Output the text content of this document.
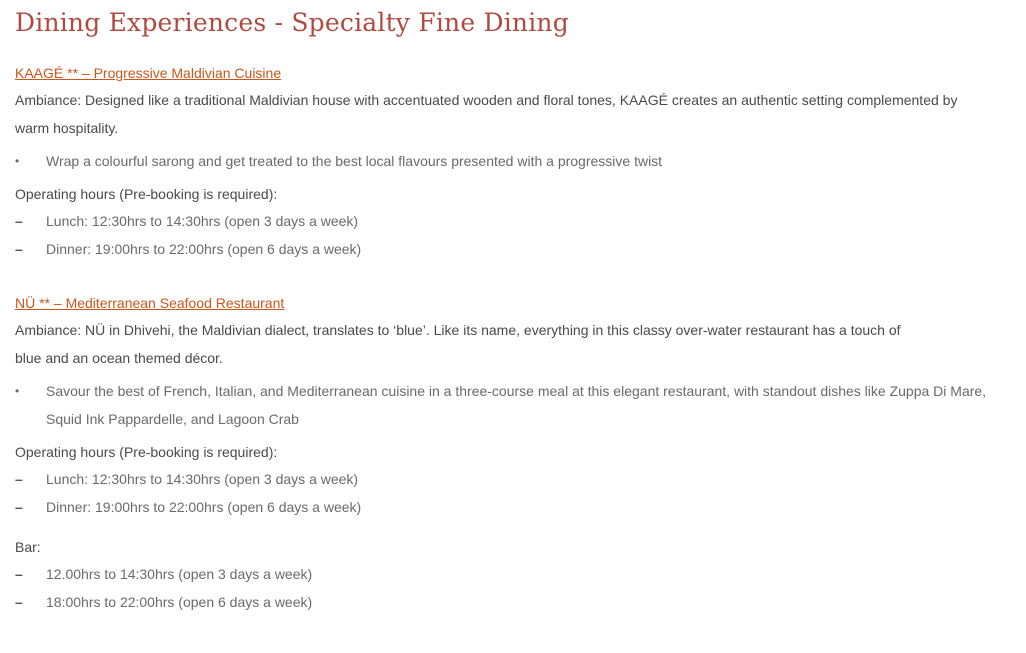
Dining Experiences - Specialty Fine Dining
KAAGÉ ** – Progressive Maldivian Cuisine

Ambiance: Designed like a traditional Maldivian house with accentuated wooden and floral tones, KAAGÉ creates an authentic setting complemented by warm hospitality.

•	Wrap a colourful sarong and get treated to the best local flavours presented with a progressive twist
Operating hours (Pre-booking is required):
– Lunch: 12:30hrs to 14:30hrs (open 3 days a week)
– Dinner: 19:00hrs to 22:00hrs (open 6 days a week)
NÜ ** – Mediterranean Seafood Restaurant

Ambiance: NÜ in Dhivehi, the Maldivian dialect, translates to ‘blue’. Like its name, everything in this classy over-water restaurant has a touch of blue and an ocean themed décor.

•	Savour the best of French, Italian, and Mediterranean cuisine in a three-course meal at this elegant restaurant, with standout dishes like Zuppa Di Mare, Squid Ink Pappardelle, and Lagoon Crab
Operating hours (Pre-booking is required):
– Lunch: 12:30hrs to 14:30hrs (open 3 days a week)
– Dinner: 19:00hrs to 22:00hrs (open 6 days a week)
Bar:
– 12.00hrs to 14:30hrs (open 3 days a week)
– 18:00hrs to 22:00hrs (open 6 days a week)
